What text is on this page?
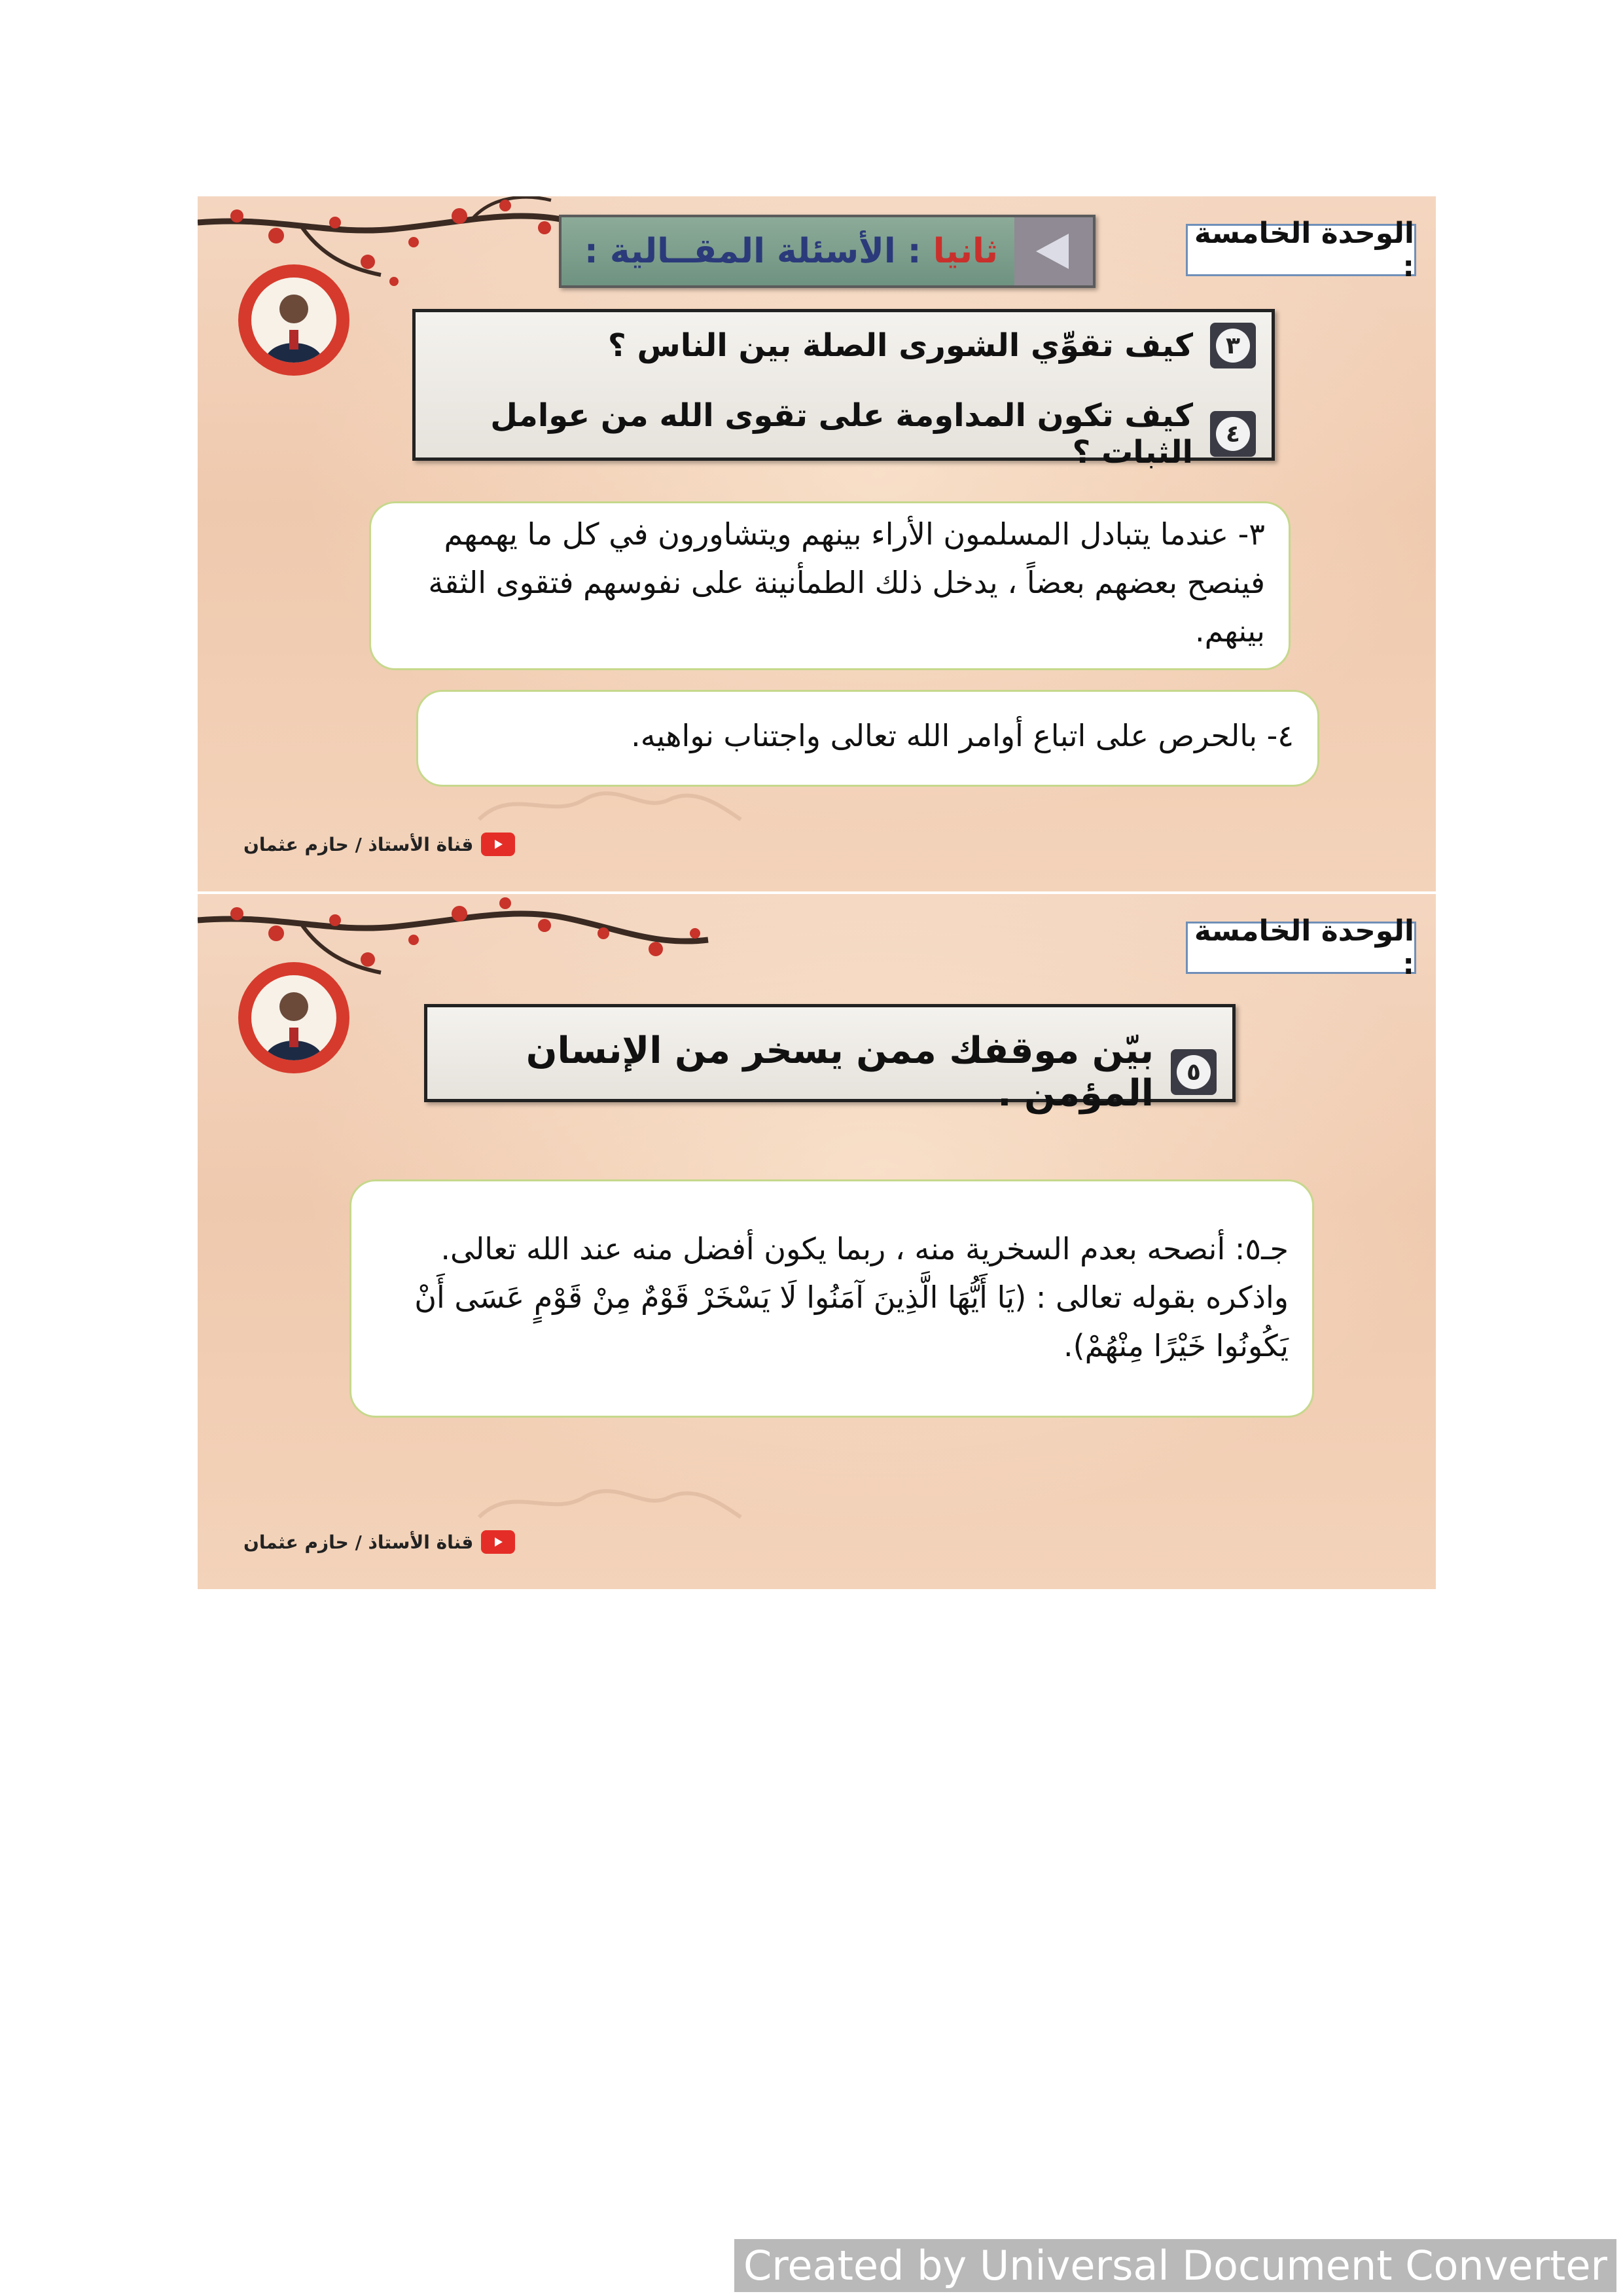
ثانيا : الأسئلة المقــالية :	الوحدة الخامسة :
٣
كيف تقوِّي الشورى الصلة بين الناس ؟
٤
كيف تكون المداومة على تقوى الله من عوامل الثبات ؟
٣- عندما يتبادل المسلمون الأراء بينهم ويتشاورون في كل ما يهمهم فينصح بعضهم بعضاً ، يدخل ذلك الطمأنينة على نفوسهم فتقوى الثقة بينهم.
٤- بالحرص على اتباع أوامر الله تعالى واجتناب نواهيه.
قناة الأستاذ / حازم عثمان
الوحدة الخامسة :
٥
بيّن موقفك ممن يسخر من الإنسان المؤمن .
جـ٥: أنصحه بعدم السخرية منه ، ربما يكون أفضل منه عند الله تعالى. واذكره بقوله تعالى : (يَا أَيُّهَا الَّذِينَ آمَنُوا لَا يَسْخَرْ قَوْمٌ مِنْ قَوْمٍ عَسَى أَنْ يَكُونُوا خَيْرًا مِنْهُمْ).
قناة الأستاذ / حازم عثمان
Created by Universal Document Converter
